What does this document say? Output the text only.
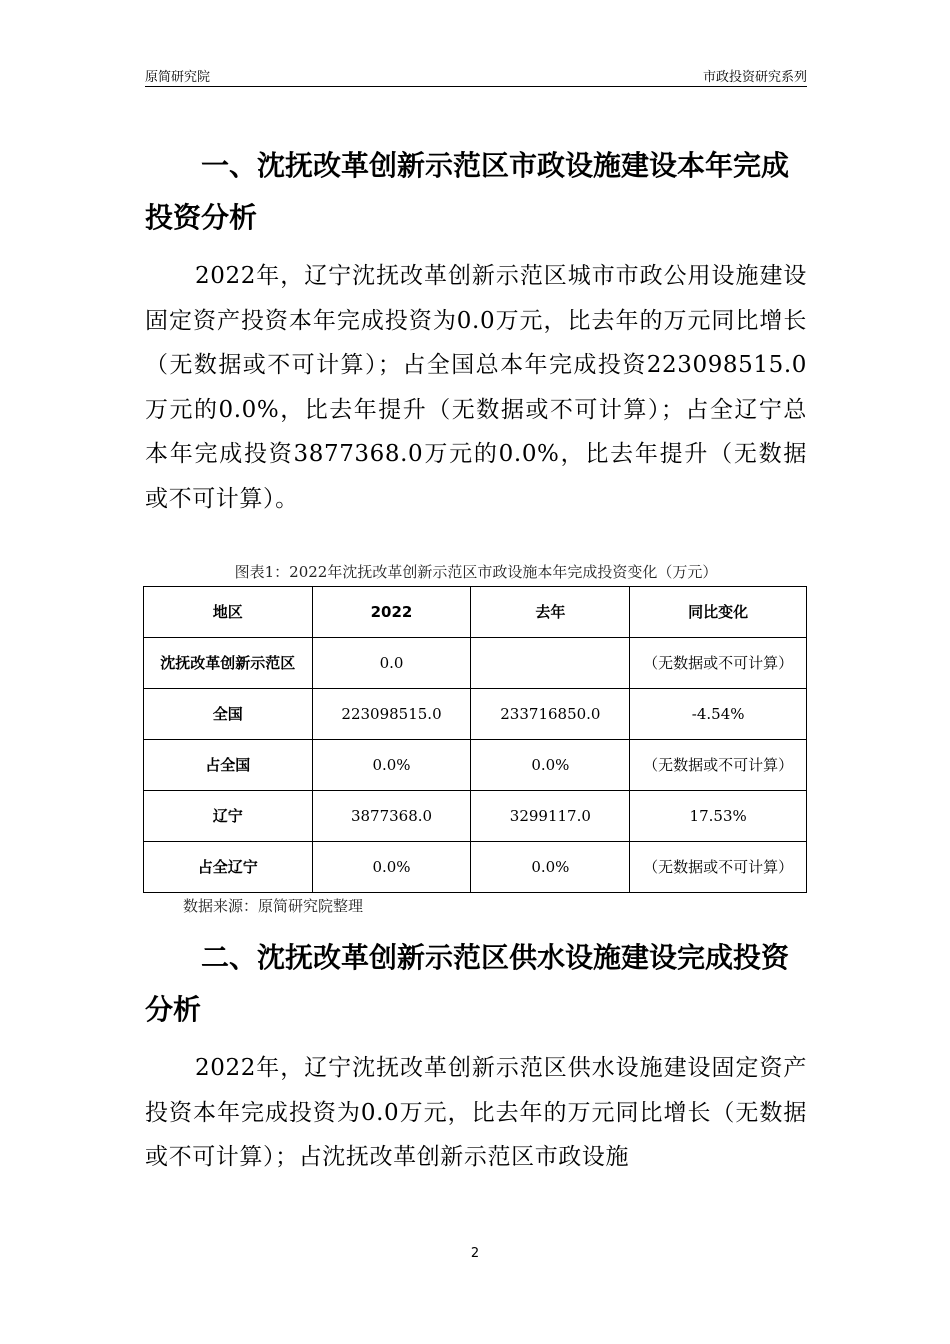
原简研究院	市政投资研究系列
一、沈抚改革创新示范区市政设施建设本年完成投资分析

2022年，辽宁沈抚改革创新示范区城市市政公用设施建设固定资产投资本年完成投资为0.0万元，比去年的万元同比增长（无数据或不可计算）；占全国总本年完成投资223098515.0万元的0.0%，比去年提升（无数据或不可计算）；占全辽宁总本年完成投资3877368.0万元的0.0%，比去年提升（无数据或不可计算）。

图表1：2022年沈抚改革创新示范区市政设施本年完成投资变化（万元）
地区	2022	去年	同比变化
沈抚改革创新示范区	0.0		（无数据或不可计算）
全国	223098515.0	233716850.0	-4.54%
占全国	0.0%	0.0%	（无数据或不可计算）
辽宁	3877368.0	3299117.0	17.53%
占全辽宁	0.0%	0.0%	（无数据或不可计算）
数据来源：原简研究院整理
二、沈抚改革创新示范区供水设施建设完成投资分析

2022年，辽宁沈抚改革创新示范区供水设施建设固定资产投资本年完成投资为0.0万元，比去年的万元同比增长（无数据或不可计算）；占沈抚改革创新示范区市政设施

2
